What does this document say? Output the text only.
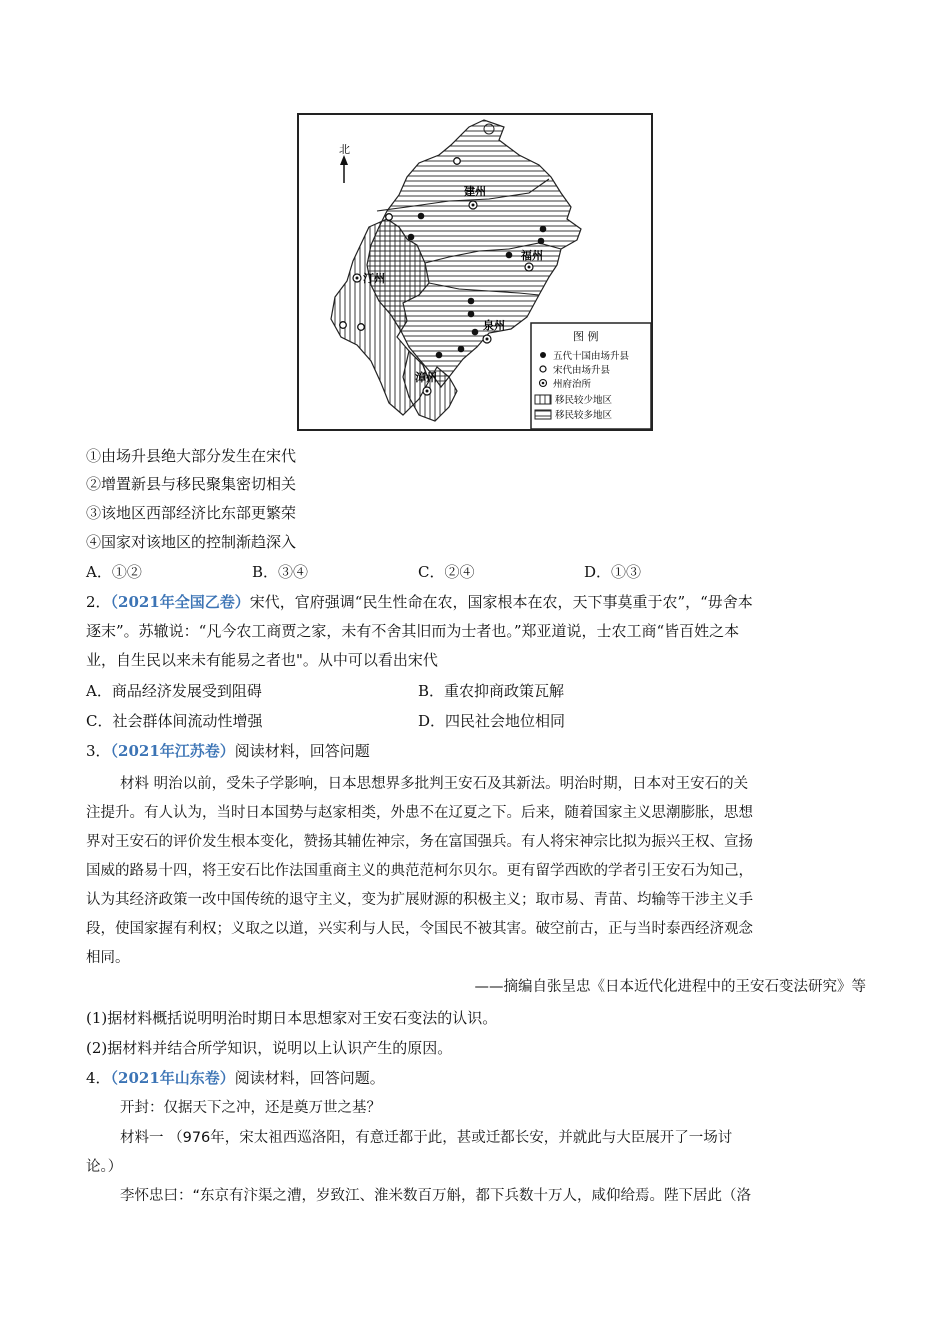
北
建州
汀州
福州
泉州
漳州
图 例
五代十国由场升县
宋代由场升县
州府治所
移民较少地区
移民较多地区
①由场升县绝大部分发生在宋代
②增置新县与移民聚集密切相关
③该地区西部经济比东部更繁荣
④国家对该地区的控制渐趋深入
A．①②	B．③④	C．②④	D．①③
2．（2021年全国乙卷）宋代，官府强调“民生性命在农，国家根本在农，天下事莫重于农”，“毋舍本
逐末”。苏辙说：“凡今农工商贾之家，未有不舍其旧而为士者也。”郑亚道说，士农工商“皆百姓之本
业，自生民以来未有能易之者也"。从中可以看出宋代
A．商品经济发展受到阻碍	B．重农抑商政策瓦解
C．社会群体间流动性增强	D．四民社会地位相同
3．（2021年江苏卷）阅读材料，回答问题
材料 明治以前，受朱子学影响，日本思想界多批判王安石及其新法。明治时期，日本对王安石的关
注提升。有人认为，当时日本国势与赵家相类，外患不在辽夏之下。后来，随着国家主义思潮膨胀，思想
界对王安石的评价发生根本变化，赞扬其辅佐神宗，务在富国强兵。有人将宋神宗比拟为振兴王权、宣扬
国威的路易十四，将王安石比作法国重商主义的典范范柯尔贝尔。更有留学西欧的学者引王安石为知己，
认为其经济政策一改中国传统的退守主义，变为扩展财源的积极主义；取市易、青苗、均输等干涉主义手
段，使国家握有利权；义取之以道，兴实利与人民，令国民不被其害。破空前古，正与当时泰西经济观念
相同。
——摘编自张呈忠《日本近代化进程中的王安石变法研究》等
(1)据材料概括说明明治时期日本思想家对王安石变法的认识。
(2)据材料并结合所学知识，说明以上认识产生的原因。
4．（2021年山东卷）阅读材料，回答问题。
开封：仅据天下之冲，还是奠万世之基？
材料一 （976年，宋太祖西巡洛阳，有意迁都于此，甚或迁都长安，并就此与大臣展开了一场讨
论。）
李怀忠曰：“东京有汴渠之漕，岁致江、淮米数百万斛，都下兵数十万人，咸仰给焉。陛下居此（洛
